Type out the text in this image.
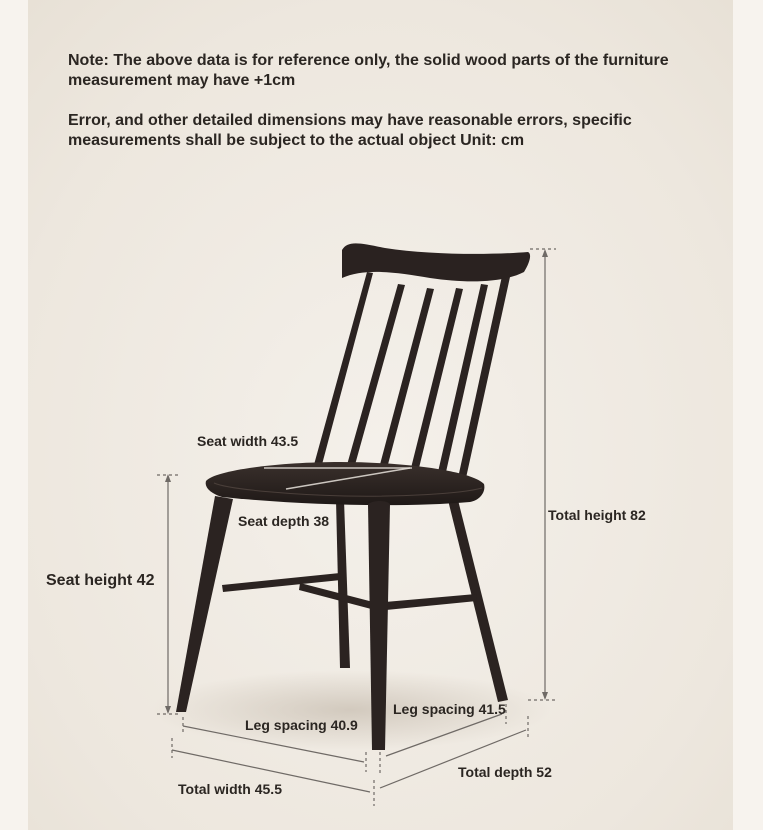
Note: The above data is for reference only, the solid wood parts of the furniture
measurement may have +1cm
Error, and other detailed dimensions may have reasonable errors, specific
measurements shall be subject to the actual object Unit: cm
Seat width 43.5
Seat depth 38
Seat height 42
Total height 82
Leg spacing 40.9
Leg spacing 41.5
Total depth 52
Total width 45.5
